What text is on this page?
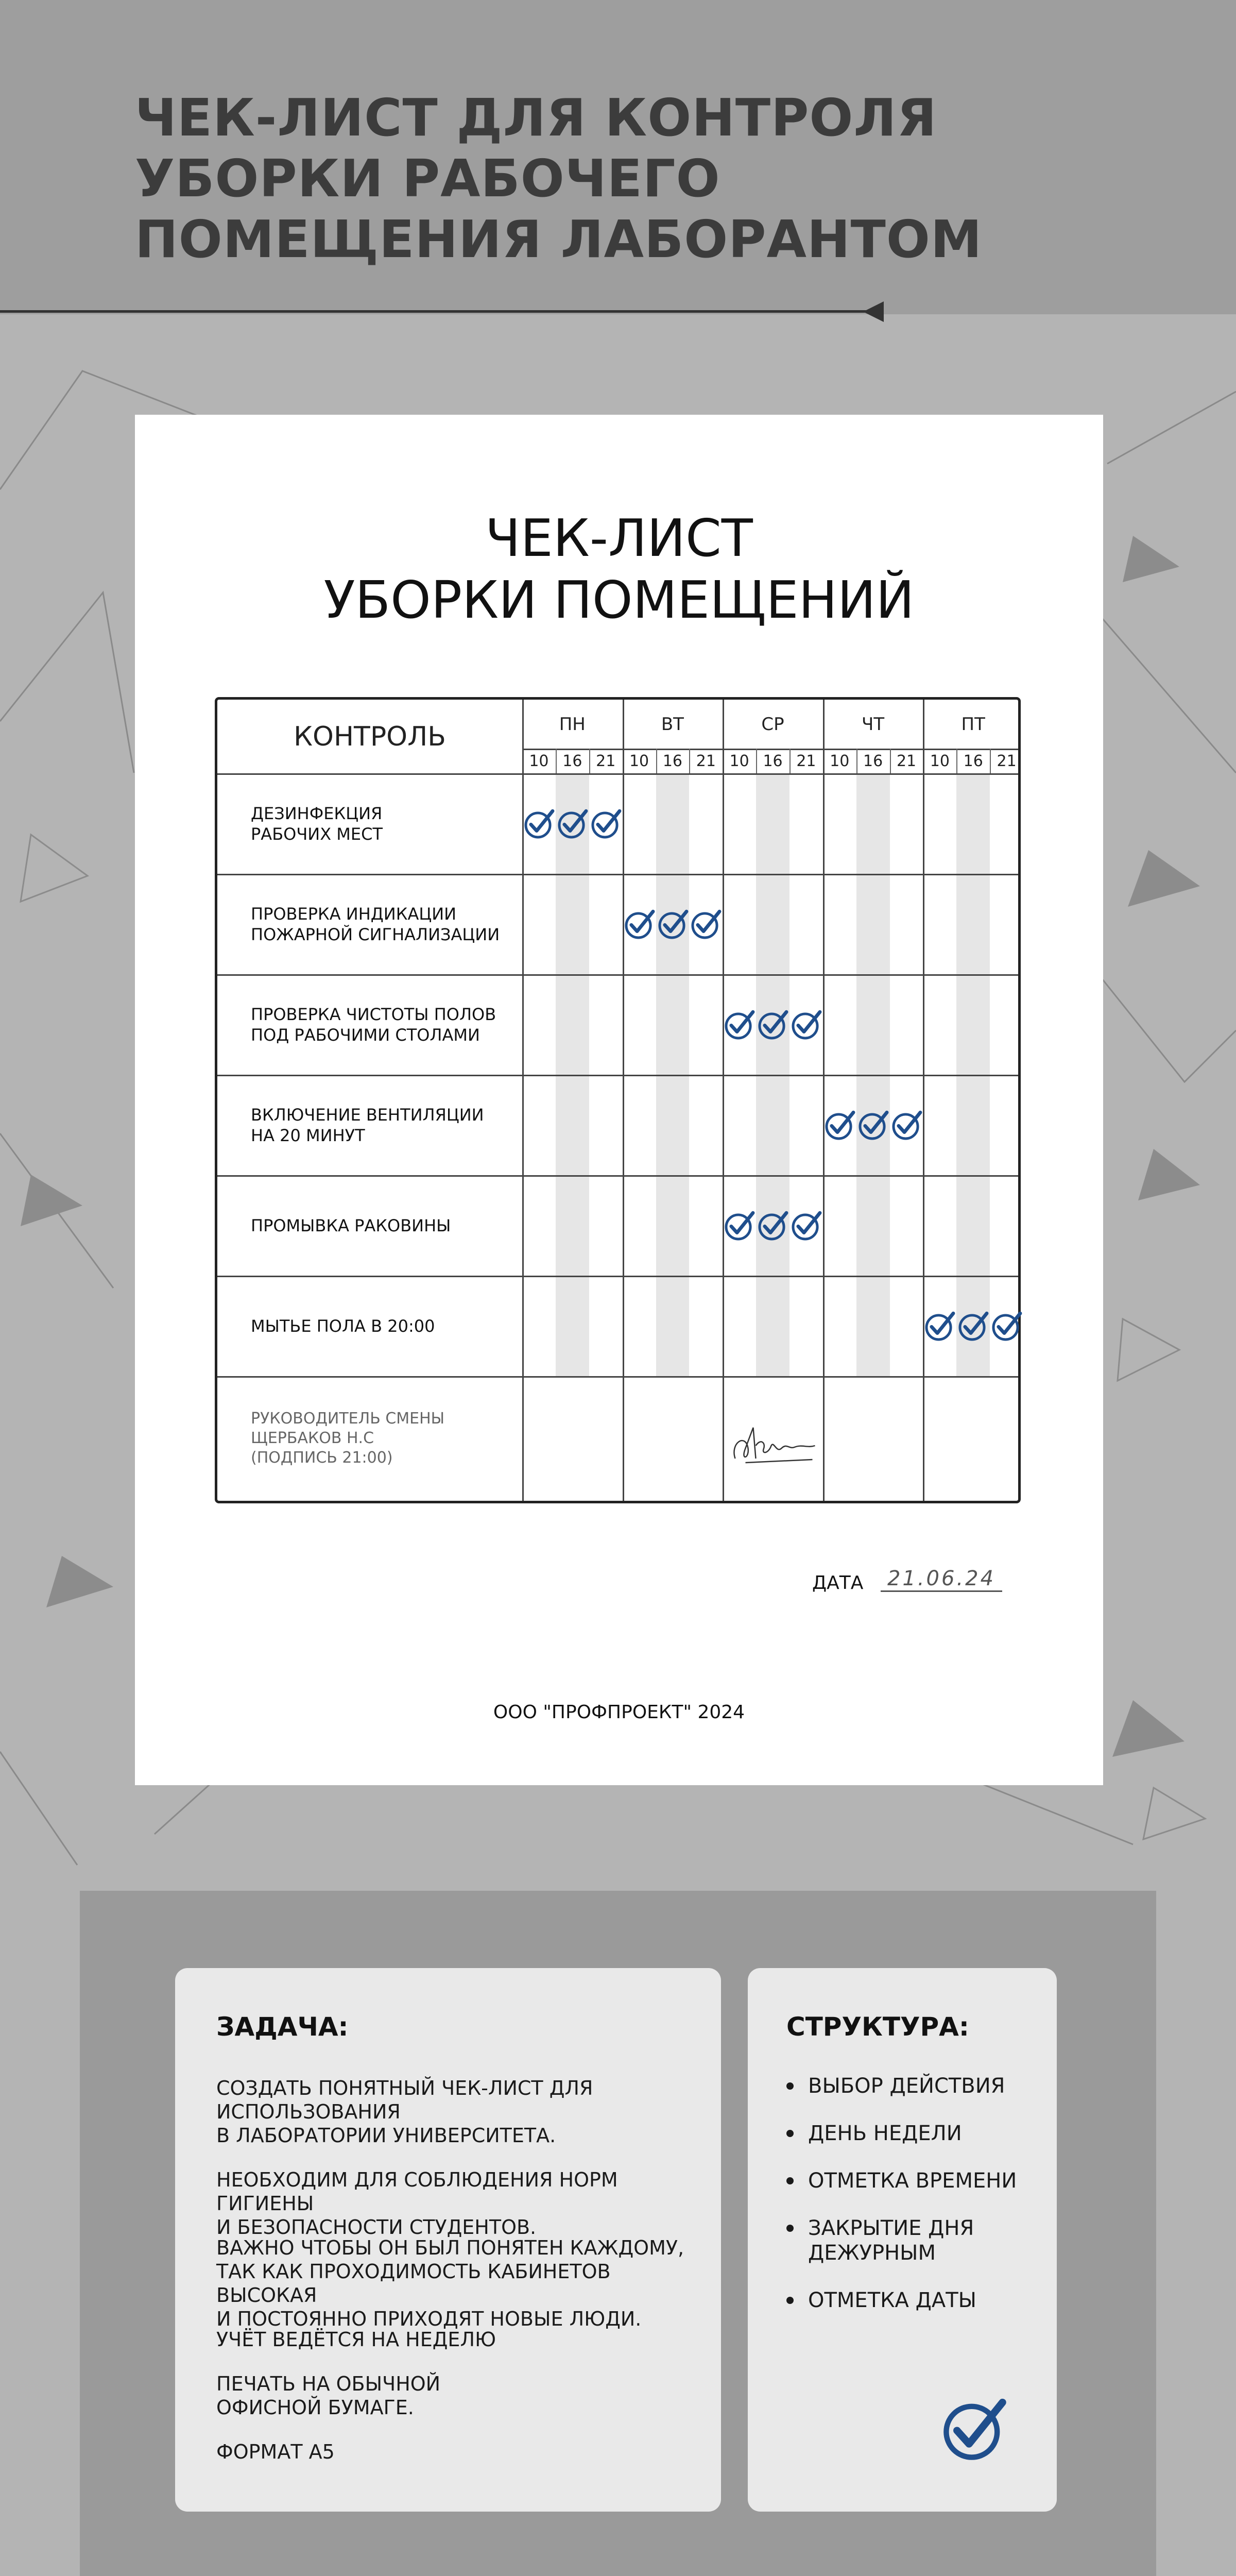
ЧЕК-ЛИСТ ДЛЯ КОНТРОЛЯ
УБОРКИ РАБОЧЕГО
ПОМЕЩЕНИЯ ЛАБОРАНТОМ
ЧЕК-ЛИСТ
УБОРКИ ПОМЕЩЕНИЙ
КОНТРОЛЬ	ПН
10 16 21
ВТ
10 16 21
СР
10 16 21
ЧТ
10 16 21
ПТ
10 16 21
ДЕЗИНФЕКЦИЯ
РАБОЧИХ МЕСТ
ПРОВЕРКА ИНДИКАЦИИ
ПОЖАРНОЙ СИГНАЛИЗАЦИИ
ПРОВЕРКА ЧИСТОТЫ ПОЛОВ
ПОД РАБОЧИМИ СТОЛАМИ
ВКЛЮЧЕНИЕ ВЕНТИЛЯЦИИ
НА 20 МИНУТ
ПРОМЫВКА РАКОВИНЫ
МЫТЬЕ ПОЛА В 20:00
РУКОВОДИТЕЛЬ СМЕНЫ
ЩЕРБАКОВ Н.С
(ПОДПИСЬ 21:00)
ДАТА	21.06.24
ООО "ПРОФПРОЕКТ" 2024
ЗАДАЧА:
СОЗДАТЬ ПОНЯТНЫЙ ЧЕК-ЛИСТ ДЛЯ
ИСПОЛЬЗОВАНИЯ
В ЛАБОРАТОРИИ УНИВЕРСИТЕТА.
НЕОБХОДИМ ДЛЯ СОБЛЮДЕНИЯ НОРМ ГИГИЕНЫ
И БЕЗОПАСНОСТИ СТУДЕНТОВ.
ВАЖНО ЧТОБЫ ОН БЫЛ ПОНЯТЕН КАЖДОМУ,
ТАК КАК ПРОХОДИМОСТЬ КАБИНЕТОВ ВЫСОКАЯ
И ПОСТОЯННО ПРИХОДЯТ НОВЫЕ ЛЮДИ.
УЧЁТ ВЕДЁТСЯ НА НЕДЕЛЮ
ПЕЧАТЬ НА ОБЫЧНОЙ
ОФИСНОЙ БУМАГЕ.
ФОРМАТ А5
СТРУКТУРА:
ВЫБОР ДЕЙСТВИЯ
ДЕНЬ НЕДЕЛИ
ОТМЕТКА ВРЕМЕНИ
ЗАКРЫТИЕ ДНЯ
ДЕЖУРНЫМ
ОТМЕТКА ДАТЫ
